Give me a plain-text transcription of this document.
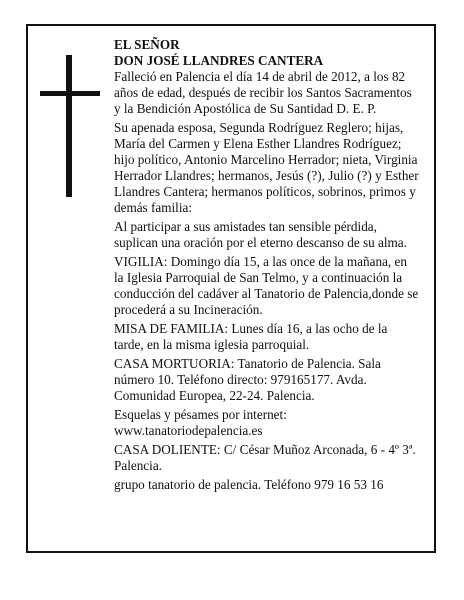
EL SEÑOR

DON JOSÉ LLANDRES CANTERA

Falleció en Palencia el día 14 de abril de 2012, a los 82 años de edad, después de recibir los Santos Sacramentos y la Bendición Apostólica de Su Santidad D. E. P.

Su apenada esposa, Segunda Rodríguez Reglero; hijas, María del Carmen y Elena Esther Llandres Rodríguez; hijo político, Antonio Marcelino Herrador; nieta, Virginia Herrador Llandres; hermanos, Jesús (?), Julio (?) y Esther Llandres Cantera; hermanos políticos, sobrinos, primos y demás familia:

Al participar a sus amistades tan sensible pérdida, suplican una oración por el eterno descanso de su alma.

VIGILIA: Domingo día 15, a las once de la mañana, en la Iglesia Parroquial de San Telmo, y a continuación la conducción del cadáver al Tanatorio de Palencia,donde se procederá a su Incineración.

MISA DE FAMILIA: Lunes día 16, a las ocho de la tarde, en la misma iglesia parroquial.

CASA MORTUORIA: Tanatorio de Palencia. Sala número 10. Teléfono directo: 979165177. Avda. Comunidad Europea, 22-24. Palencia.

Esquelas y pésames por internet: www.tanatoriodepalencia.es

CASA DOLIENTE: C/ César Muñoz Arconada, 6 - 4º 3ª. Palencia.

grupo tanatorio de palencia. Teléfono 979 16 53 16
